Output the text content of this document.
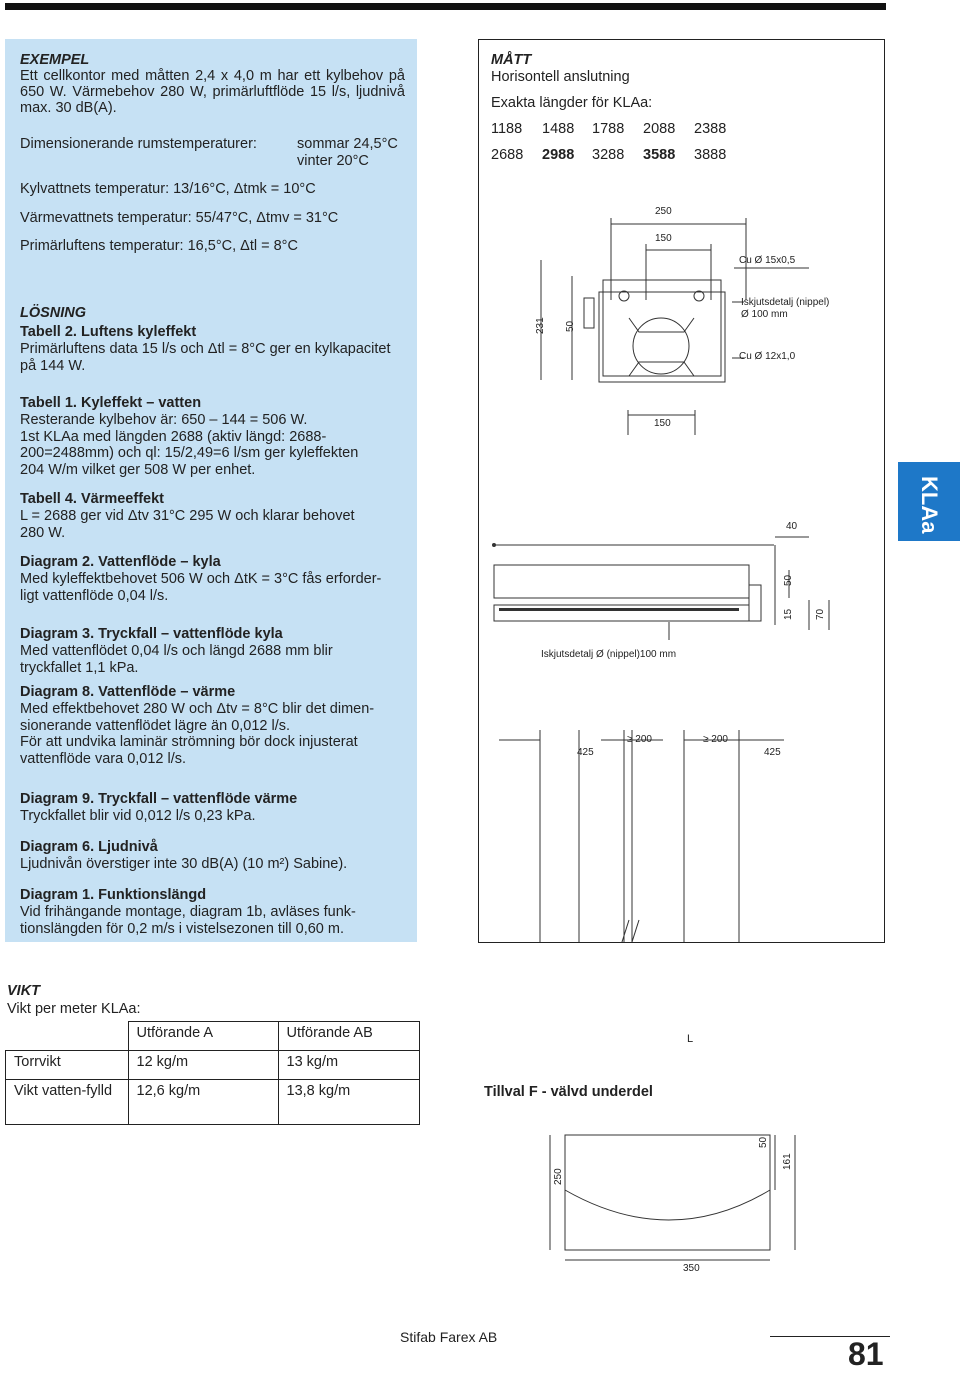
EXEMPEL
Ett cellkontor med måtten 2,4 x 4,0 m har ett kylbehov på 650 W. Värmebehov 280 W, primärluftflöde 15 l/s, ljudnivå max. 30 dB(A).
Dimensionerande rumstemperaturer:	sommar 24,5°C
vinter 20°C
Kylvattnets temperatur: 13/16°C, Δtmk = 10°C
Värmevattnets temperatur: 55/47°C, Δtmv = 31°C
Primärluftens temperatur: 16,5°C, Δtl = 8°C
LÖSNING
Tabell 2. Luftens kyleffekt
Primärluftens data 15 l/s och Δtl = 8°C ger en kylkapacitet
på 144 W.
Tabell 1. Kyleffekt – vatten
Resterande kylbehov är: 650 – 144 = 506 W.
1st KLAa med längden 2688 (aktiv längd: 2688-
200=2488mm) och ql: 15/2,49=6 l/sm ger kyleffekten
204 W/m vilket ger 508 W per enhet.
Tabell 4. Värmeeffekt
L = 2688 ger vid Δtv 31°C 295 W och klarar behovet
280 W.
Diagram 2. Vattenflöde – kyla
Med kyleffektbehovet 506 W och ΔtK = 3°C fås erforder-
ligt vattenflöde 0,04 l/s.
Diagram 3. Tryckfall – vattenflöde kyla
Med vattenflödet 0,04 l/s och längd 2688 mm blir
tryckfallet 1,1 kPa.
Diagram 8. Vattenflöde – värme
Med effektbehovet 280 W och Δtv = 8°C blir det dimen-
sionerande vattenflödet lägre än 0,012 l/s.
För att undvika laminär strömning bör dock injusterat
vattenflöde vara 0,012 l/s.
Diagram 9. Tryckfall – vattenflöde värme
Tryckfallet blir vid 0,012 l/s 0,23 kPa.
Diagram 6. Ljudnivå
Ljudnivån överstiger inte 30 dB(A) (10 m²) Sabine).
Diagram 1. Funktionslängd
Vid frihängande montage, diagram 1b, avläses funk-
tionslängden för 0,2 m/s i vistelsezonen till 0,60 m.
MÅTT
Horisontell anslutning
Exakta längder för KLAa:
1188 1488 1788 2088 2388
2688 2988 3288 3588 3888
250
150
Cu Ø 15x0,5
231 50
Iskjutsdetalj (nippel)
Ø 100 mm
Cu Ø 12x1,0
150
40
50
15 70
Iskjutsdetalj Ø (nippel)100 mm
425
≥ 200	≥ 200
425
L
KLAa
Tillval F - välvd underdel
250
50
161
350
VIKT
Vikt per meter KLAa:
	Utförande A	Utförande AB
Torrvikt	12 kg/m	13 kg/m
Vikt vatten-fylld	12,6 kg/m	13,8 kg/m
Stifab Farex AB	81
